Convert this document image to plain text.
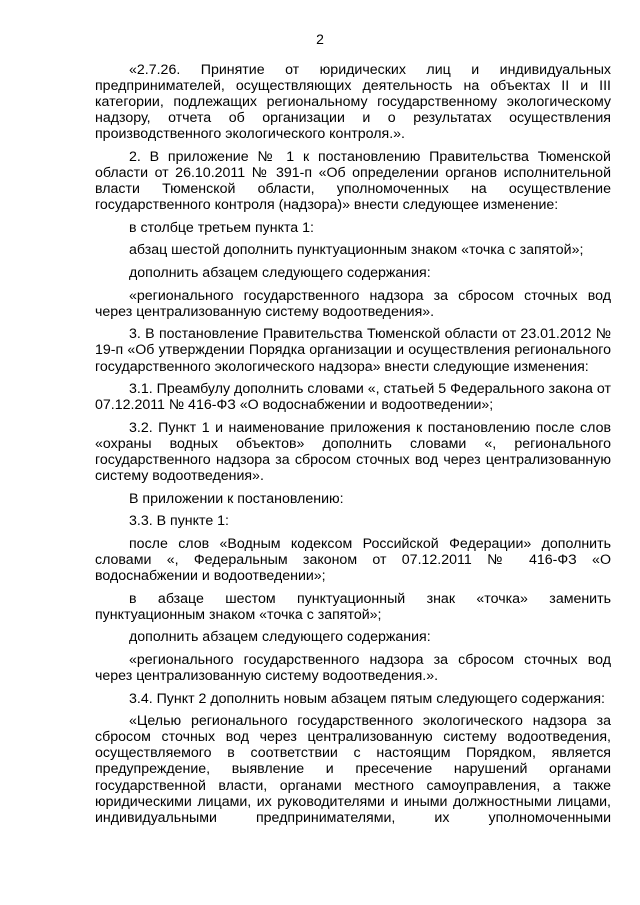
2

«2.7.26. Принятие от юридических лиц и индивидуальных предпринимателей, осуществляющих деятельность на объектах II и III категории, подлежащих региональному государственному экологическому надзору, отчета об организации и о результатах осуществления производственного экологического контроля.».

2. В приложение № 1 к постановлению Правительства Тюменской области от 26.10.2011 № 391-п «Об определении органов исполнительной власти Тюменской области, уполномоченных на осуществление государственного контроля (надзора)» внести следующее изменение:

в столбце третьем пункта 1:

абзац шестой дополнить пунктуационным знаком «точка с запятой»;

дополнить абзацем следующего содержания:

«регионального государственного надзора за сбросом сточных вод через централизованную систему водоотведения».

3. В постановление Правительства Тюменской области от 23.01.2012 № 19-п «Об утверждении Порядка организации и осуществления регионального государственного экологического надзора» внести следующие изменения:

3.1. Преамбулу дополнить словами «, статьей 5 Федерального закона от 07.12.2011 № 416-ФЗ «О водоснабжении и водоотведении»;

3.2. Пункт 1 и наименование приложения к постановлению после слов «охраны водных объектов» дополнить словами «, регионального государственного надзора за сбросом сточных вод через централизованную систему водоотведения».

В приложении к постановлению:

3.3. В пункте 1:

после слов «Водным кодексом Российской Федерации» дополнить словами «, Федеральным законом от 07.12.2011 № 416-ФЗ «О водоснабжении и водоотведении»;

в абзаце шестом пунктуационный знак «точка» заменить пунктуационным знаком «точка с запятой»;

дополнить абзацем следующего содержания:

«регионального государственного надзора за сбросом сточных вод через централизованную систему водоотведения.».

3.4. Пункт 2 дополнить новым абзацем пятым следующего содержания:

«Целью регионального государственного экологического надзора за сбросом сточных вод через централизованную систему водоотведения, осуществляемого в соответствии с настоящим Порядком, является предупреждение, выявление и пресечение нарушений органами государственной власти, органами местного самоуправления, а также юридическими лицами, их руководителями и иными должностными лицами, индивидуальными предпринимателями, их уполномоченными
